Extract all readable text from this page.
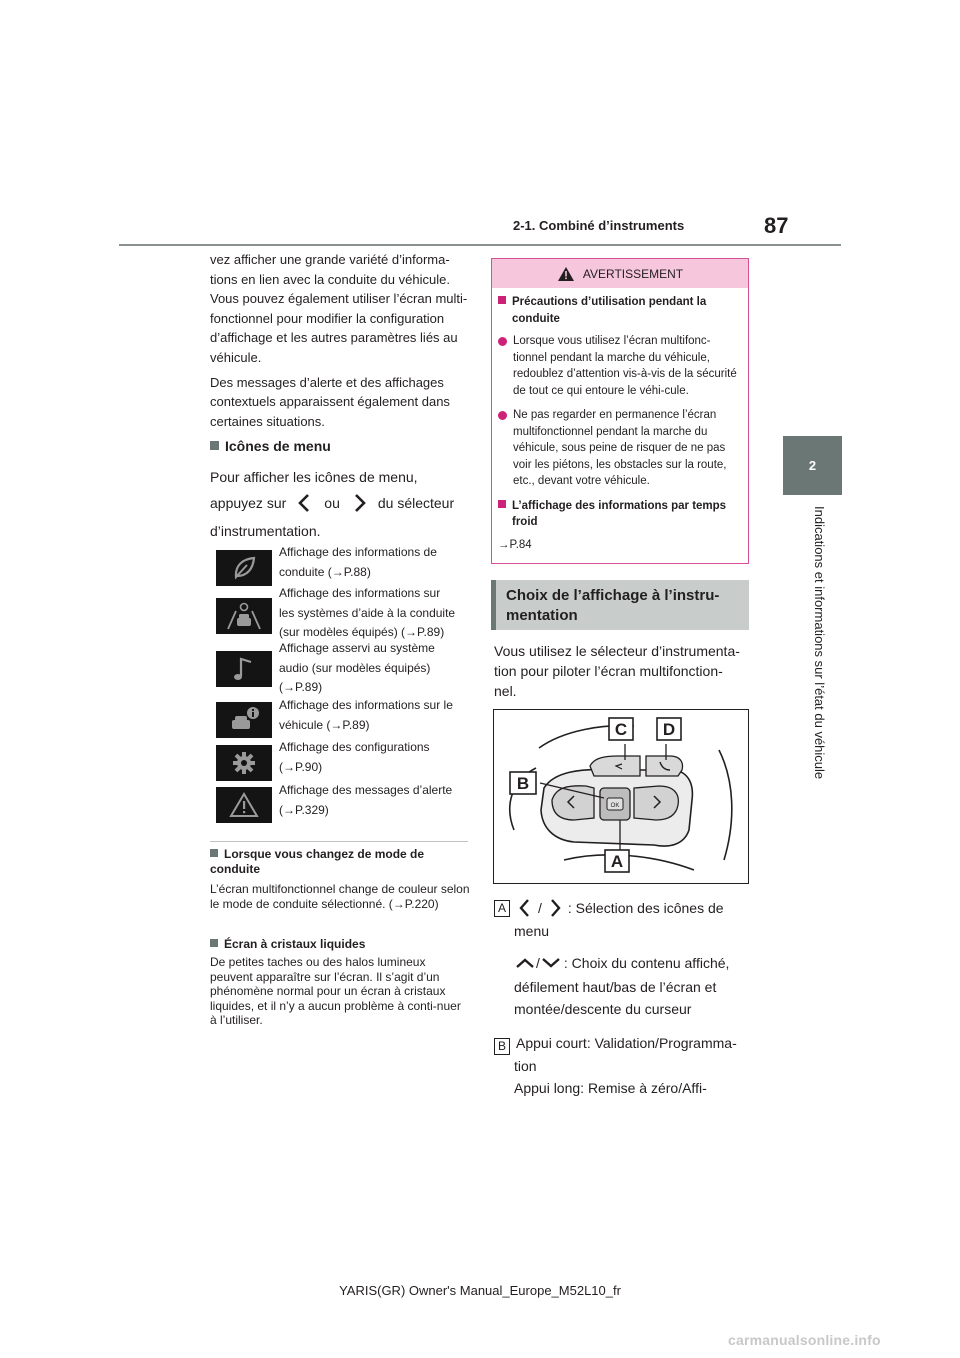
2-1. Combiné d’instruments	87
2
Indications et informations sur l’état du véhicule

vez afficher une grande variété d’informa-

tions en lien avec la conduite du véhicule.

Vous pouvez également utiliser l’écran multi-

fonctionnel pour modifier la configuration

d’affichage et les autres paramètres liés au

véhicule.

Des messages d’alerte et des affichages

contextuels apparaissent également dans

certaines situations.

Icônes de menu
Pour afficher les icônes de menu,
appuyez sur	ou	du sélecteur
d’instrumentation.
Affichage des informations de
conduite (→P.88)
Affichage des informations sur
les systèmes d’aide à la conduite
(sur modèles équipés) (→P.89)
Affichage asservi au système
audio (sur modèles équipés)
(→P.89)
Affichage des informations sur le
véhicule (→P.89)
Affichage des configurations
(→P.90)
Affichage des messages d’alerte
(→P.329)
Lorsque vous changez de mode de conduite
L’écran multifonctionnel change de couleur selon le mode de conduite sélectionné. (→P.220)
Écran à cristaux liquides
De petites taches ou des halos lumineux peuvent apparaître sur l’écran. Il s’agit d’un phénomène normal pour un écran à cristaux liquides, et il n’y a aucun problème à conti-nuer à l’utiliser.
AVERTISSEMENT
Précautions d’utilisation pendant la conduite
Lorsque vous utilisez l’écran multifonc-tionnel pendant la marche du véhicule, redoublez d’attention vis-à-vis de la sécurité de tout ce qui entoure le véhi-cule.
Ne pas regarder en permanence l’écran multifonctionnel pendant la marche du véhicule, sous peine de risquer de ne pas voir les piétons, les obstacles sur la route, etc., devant votre véhicule.
L’affichage des informations par temps froid
→P.84
Choix de l’affichage à l’instru-mentation
Vous utilisez le sélecteur d’instrumenta-
tion pour piloter l’écran multifonction-
nel.
OK
C D
B
A
A / : Sélection des icônes de
menu
/ : Choix du contenu affiché,
défilement haut/bas de l’écran et
montée/descente du curseur
B Appui court: Validation/Programma-
tion
Appui long: Remise à zéro/Affi-
YARIS(GR) Owner's Manual_Europe_M52L10_fr
carmanualsonline.info
